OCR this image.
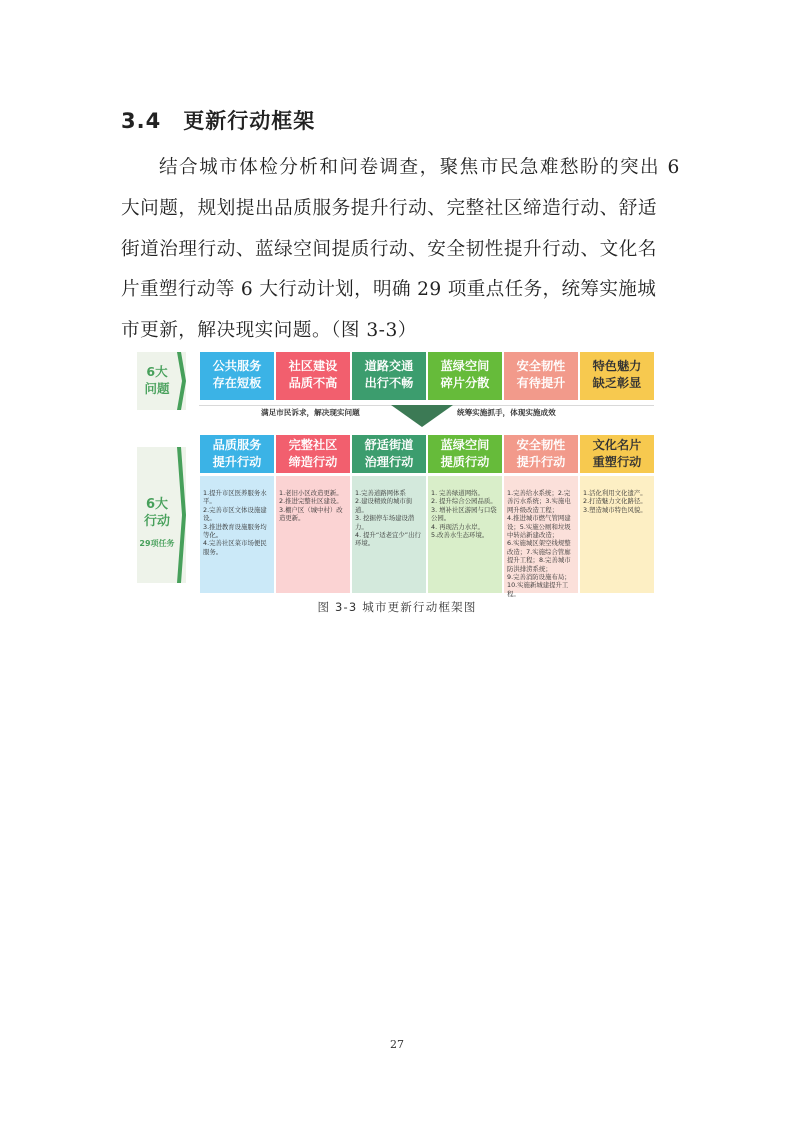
3.4 更新行动框架
结合城市体检分析和问卷调查，聚焦市民急难愁盼的突出 6
大问题，规划提出品质服务提升行动、完整社区缔造行动、舒适
街道治理行动、蓝绿空间提质行动、安全韧性提升行动、文化名
片重塑行动等 6 大行动计划，明确 29 项重点任务，统筹实施城
市更新，解决现实问题。（图 3-3）
6大
问题
6大
行动
29项任务
公共服务
存在短板
社区建设
品质不高
道路交通
出行不畅
蓝绿空间
碎片分散
安全韧性
有待提升
特色魅力
缺乏彰显
满足市民诉求，解决现实问题	统筹实施抓手，体现实施成效
品质服务
提升行动
完整社区
缔造行动
舒适街道
治理行动
蓝绿空间
提质行动
安全韧性
提升行动
文化名片
重塑行动
1.提升市区医养服务水平。
2.完善市区文体设施建设。
3.推进教育设施服务均等化。
4.完善社区菜市场便民服务。
1.老旧小区改造更新。
2.推进完整社区建设。
3.棚户区（城中村）改造更新。
1.完善道路网体系
2.建设精致的城市街道。
3. 挖掘停车场建设潜力。
4. 提升“适老宜少”出行环境。
1. 完善绿道网络。
2. 提升综合公园品质。
3. 增补社区游园与口袋公园。
4. 再现活力水岸。
5.改善水生态环境。
1.完善给水系统；2.完善污水系统；3.实施电网升级改造工程；
4.推进城市燃气管网建设；5.实施公厕和垃圾中转站新建改造；
6.实施城区架空线规整改造；7.实施综合管廊提升工程；8.完善城市防洪排涝系统；
9.完善消防设施布局；
10.实施新城建提升工程。
1.活化利用文化遗产。
2.打造魅力文化路径。
3.塑造城市特色风貌。
图 3-3 城市更新行动框架图
27
